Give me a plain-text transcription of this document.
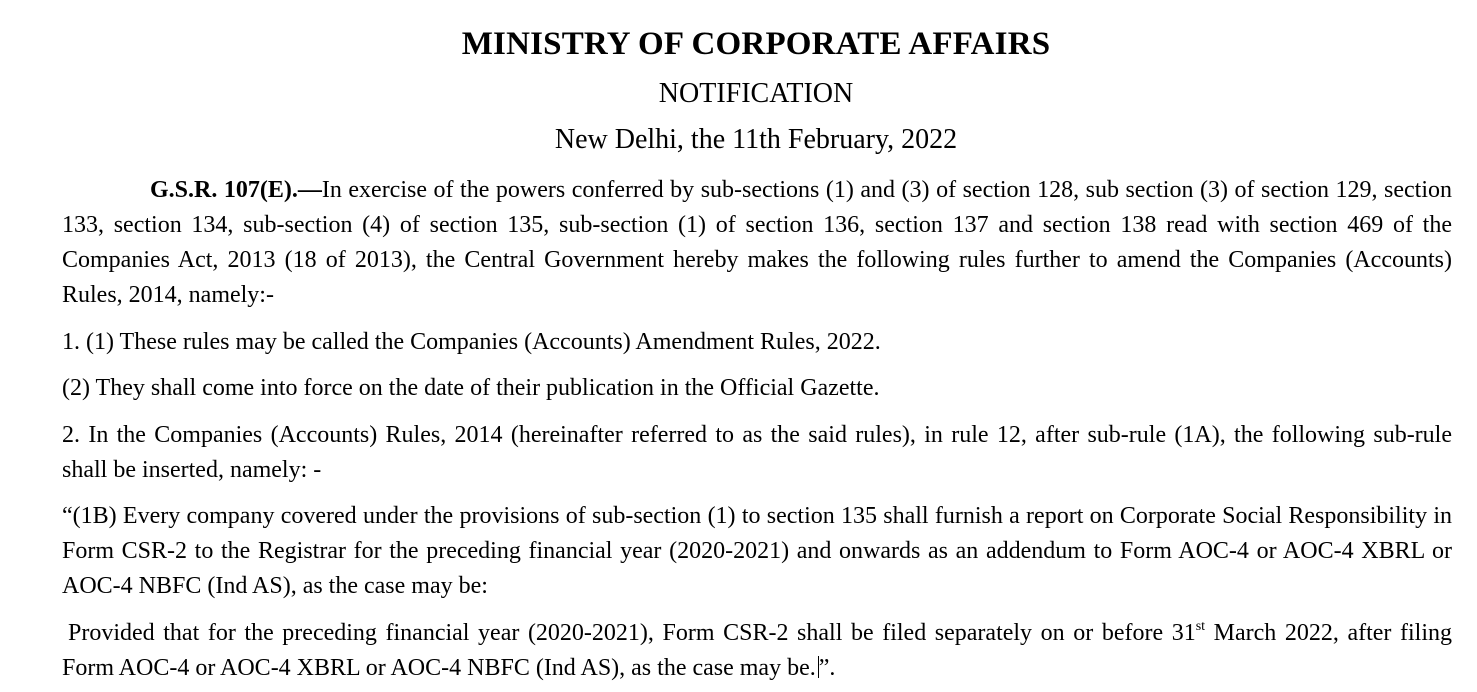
MINISTRY OF CORPORATE AFFAIRS
NOTIFICATION
New Delhi, the 11th February, 2022

G.S.R. 107(E).—In exercise of the powers conferred by sub-sections (1) and (3) of section 128, sub section (3) of section 129, section 133, section 134, sub-section (4) of section 135, sub-section (1) of section 136, section 137 and section 138 read with section 469 of the Companies Act, 2013 (18 of 2013), the Central Government hereby makes the following rules further to amend the Companies (Accounts) Rules, 2014, namely:-

1. (1) These rules may be called the Companies (Accounts) Amendment Rules, 2022.

(2) They shall come into force on the date of their publication in the Official Gazette.

2. In the Companies (Accounts) Rules, 2014 (hereinafter referred to as the said rules), in rule 12, after sub-rule (1A), the following sub-rule shall be inserted, namely: -

“(1B) Every company covered under the provisions of sub-section (1) to section 135 shall furnish a report on Corporate Social Responsibility in Form CSR-2 to the Registrar for the preceding financial year (2020-2021) and onwards as an addendum to Form AOC-4 or AOC-4 XBRL or AOC-4 NBFC (Ind AS), as the case may be:

Provided that for the preceding financial year (2020-2021), Form CSR-2 shall be filed separately on or before 31st March 2022, after filing Form AOC-4 or AOC-4 XBRL or AOC-4 NBFC (Ind AS), as the case may be. ”.
